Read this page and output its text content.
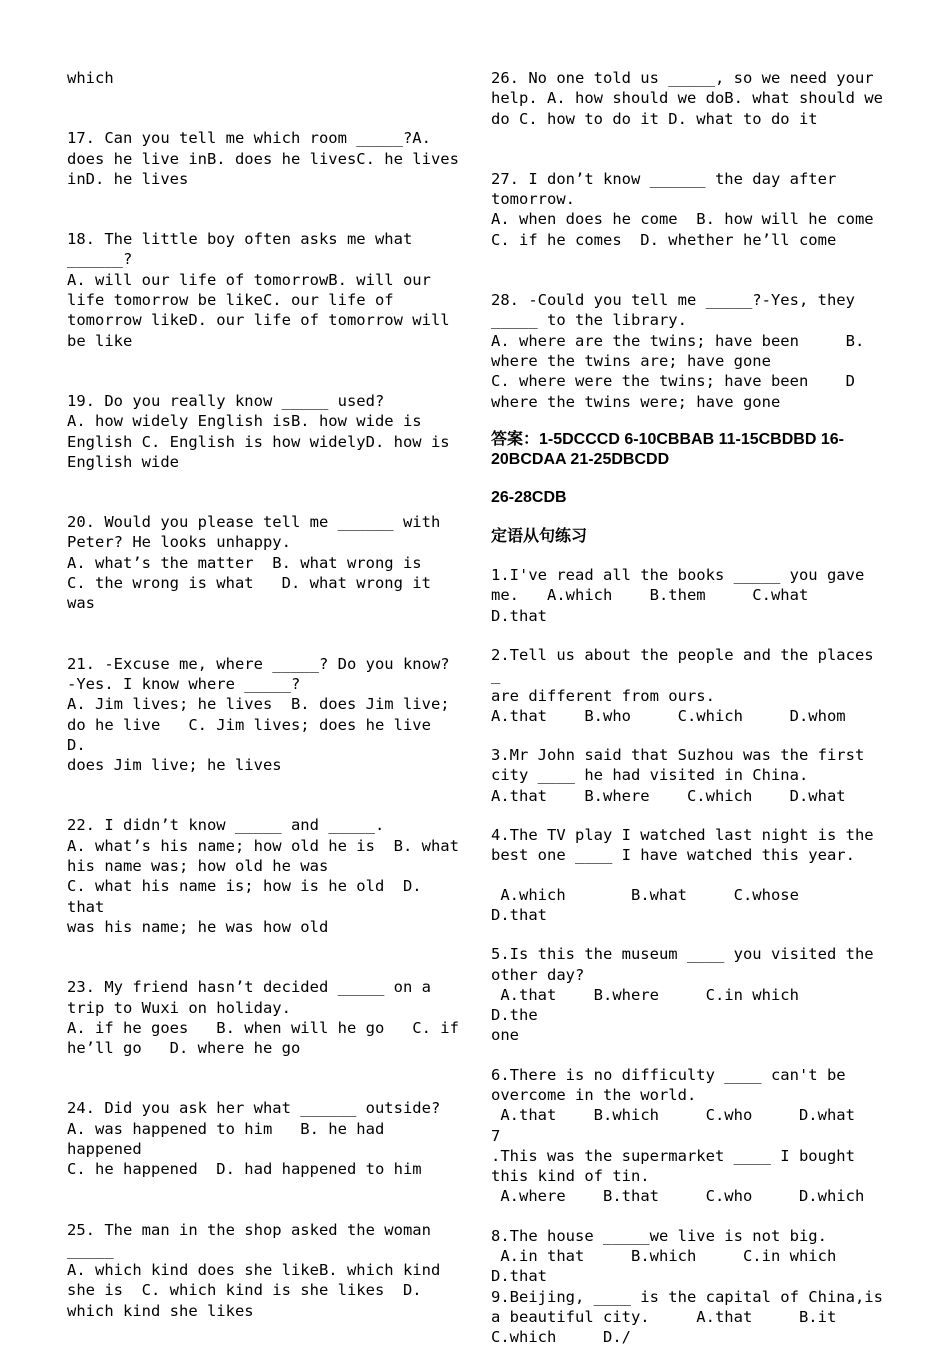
which

17. Can you tell me which room _____?A.
does he live inB. does he livesC. he lives
inD. he lives

18. The little boy often asks me what
______?
A. will our life of tomorrowB. will our
life tomorrow be likeC. our life of
tomorrow likeD. our life of tomorrow will
be like

19. Do you really know _____ used?
A. how widely English isB. how wide is
English C. English is how widelyD. how is
English wide

20. Would you please tell me ______ with
Peter? He looks unhappy.
A. what’s the matter  B. what wrong is
C. the wrong is what   D. what wrong it was

21. -Excuse me, where _____? Do you know?
-Yes. I know where _____?
A. Jim lives; he lives  B. does Jim live;
do he live   C. Jim lives; does he live  D.
does Jim live; he lives

22. I didn’t know _____ and _____.
A. what’s his name; how old he is  B. what
his name was; how old he was
C. what his name is; how is he old  D. that
was his name; he was how old

23. My friend hasn’t decided _____ on a
trip to Wuxi on holiday.
A. if he goes   B. when will he go   C. if
he’ll go   D. where he go

24. Did you ask her what ______ outside?
A. was happened to him   B. he had happened
C. he happened  D. had happened to him

25. The man in the shop asked the woman
_____
A. which kind does she likeB. which kind
she is  C. which kind is she likes  D.
which kind she likes

26. No one told us _____, so we need your
help. A. how should we doB. what should we
do C. how to do it D. what to do it

27. I don’t know ______ the day after
tomorrow.
A. when does he come  B. how will he come
C. if he comes  D. whether he’ll come

28. -Could you tell me _____?-Yes, they
_____ to the library.
A. where are the twins; have been     B.
where the twins are; have gone
C. where were the twins; have been    D
where the twins were; have gone

答案：1-5DCCCD 6-10CBBAB 11-15CBDBD 16-
20BCDAA 21-25DBCDD

26-28CDB

定语从句练习

1.I've read all the books _____ you gave
me.   A.which    B.them     C.what
D.that

2.Tell us about the people and the places _
are different from ours.
A.that    B.who     C.which     D.whom

3.Mr John said that Suzhou was the first
city ____ he had visited in China.
A.that    B.where    C.which    D.what

4.The TV play I watched last night is the
best one ____ I have watched this year.

A.which       B.what     C.whose     D.that

5.Is this the museum ____ you visited the
other day?
A.that    B.where     C.in which     D.the
one

6.There is no difficulty ____ can't be
overcome in the world.
A.that    B.which     C.who     D.what
7
.This was the supermarket ____ I bought
this kind of tin.
A.where    B.that     C.who     D.which

8.The house _____we live is not big.
A.in that     B.which     C.in which
D.that
9.Beijing, ____ is the capital of China,is
a beautiful city.     A.that     B.it
C.which     D./
